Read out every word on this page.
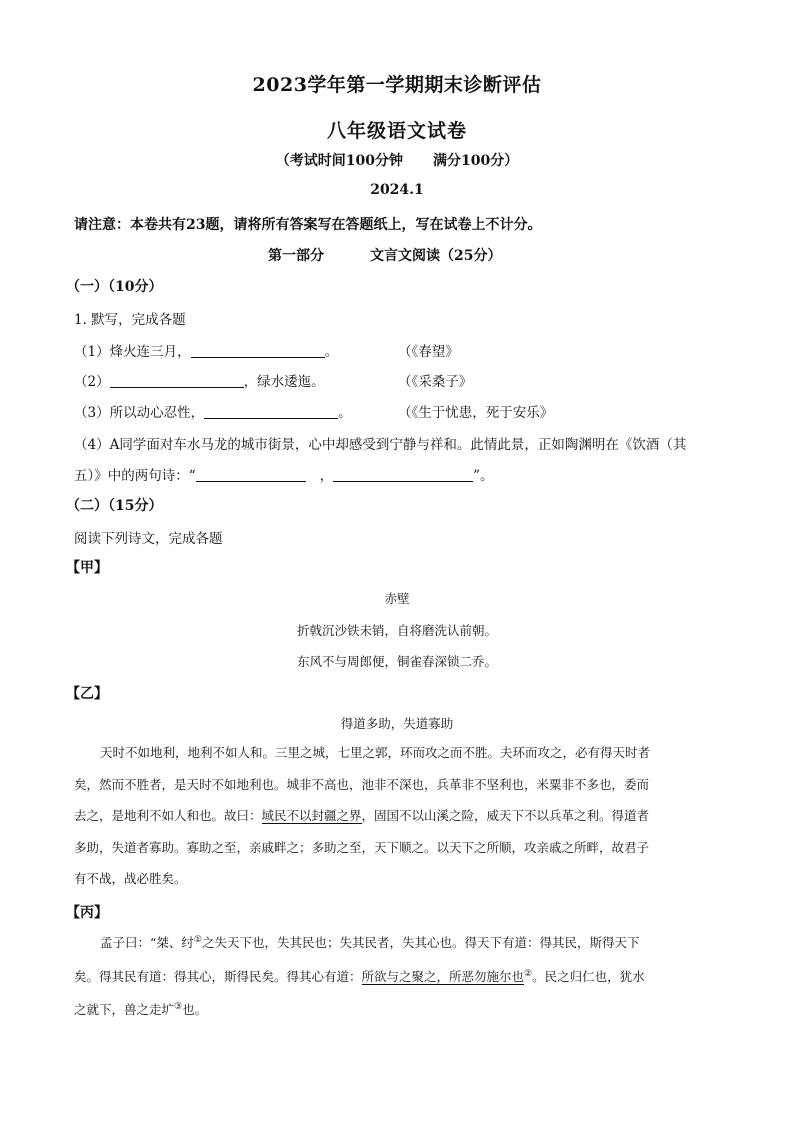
2023学年第一学期期末诊断评估
八年级语文试卷
（考试时间100分钟 满分100分）
2024.1
请注意：本卷共有23题，请将所有答案写在答题纸上，写在试卷上不计分。
第一部分	文言文阅读（25分）
（一）（10分）
1. 默写，完成各题
（1）烽火连三月，	。	（《春望》
（2）	，绿水逶迤。	（《采桑子》
（3）所以动心忍性，	。	（《生于忧患，死于安乐》
（4）A同学面对车水马龙的城市街景，心中却感受到宁静与祥和。此情此景，正如陶渊明在《饮酒（其
五）》中的两句诗：“	，	”。
（二）（15分）
阅读下列诗文，完成各题
【甲】
赤壁
折戟沉沙铁未销，自将磨洗认前朝。
东风不与周郎便，铜雀春深锁二乔。
【乙】
得道多助，失道寡助
天时不如地利，地利不如人和。三里之城，七里之郭，环而攻之而不胜。夫环而攻之，必有得天时者
矣，然而不胜者，是天时不如地利也。城非不高也，池非不深也，兵革非不坚利也，米粟非不多也，委而
去之，是地利不如人和也。故曰：域民不以封疆之界，固国不以山溪之险，威天下不以兵革之利。得道者
多助，失道者寡助。寡助之至，亲戚畔之；多助之至，天下顺之。以天下之所顺，攻亲戚之所畔，故君子
有不战，战必胜矣。
【丙】
孟子曰：“桀、纣①之失天下也，失其民也；失其民者，失其心也。得天下有道：得其民，斯得天下
矣。得其民有道：得其心，斯得民矣。得其心有道：所欲与之聚之，所恶勿施尔也②。民之归仁也，犹水
之就下，兽之走圹③也。
